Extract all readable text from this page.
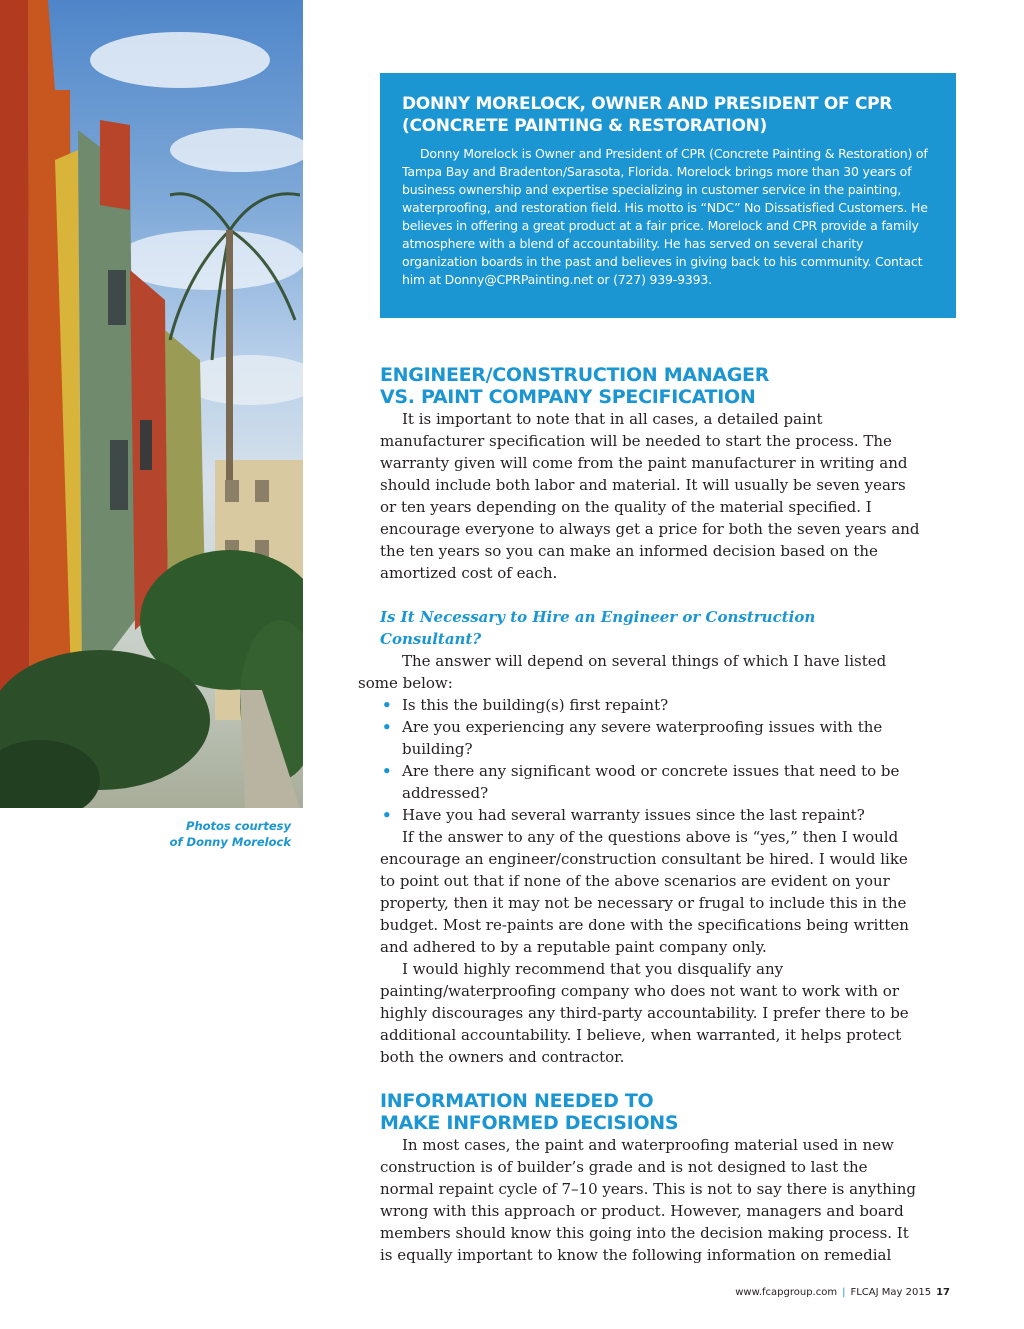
Photos courtesy
of Donny Morelock
DONNY MORELOCK, OWNER AND PRESIDENT OF CPR (CONCRETE PAINTING & RESTORATION)

Donny Morelock is Owner and President of CPR (Concrete Painting & Restoration) of Tampa Bay and Bradenton/Sarasota, Florida. Morelock brings more than 30 years of business ownership and expertise specializing in customer service in the painting, waterproofing, and restoration field. His motto is “NDC” No Dissatisfied Customers. He believes in offering a great product at a fair price. Morelock and CPR provide a family atmosphere with a blend of accountability. He has served on several charity organization boards in the past and believes in giving back to his community. Contact him at Donny@CPRPainting.net or (727) 939-9393.

ENGINEER/CONSTRUCTION MANAGER
VS. PAINT COMPANY SPECIFICATION

It is important to note that in all cases, a detailed paint manufacturer specification will be needed to start the process. The warranty given will come from the paint manufacturer in writing and should include both labor and material. It will usually be seven years or ten years depending on the quality of the material specified. I encourage everyone to always get a price for both the seven years and the ten years so you can make an informed decision based on the amortized cost of each.

Is It Necessary to Hire an Engineer or Construction Consultant?

The answer will depend on several things of which I have listed
some below:

• Is this the building(s) first repaint?
• Are you experiencing any severe waterproofing issues with the building?
• Are there any significant wood or concrete issues that need to be addressed?
• Have you had several warranty issues since the last repaint?

If the answer to any of the questions above is “yes,” then I would encourage an engineer/construction consultant be hired. I would like to point out that if none of the above scenarios are evident on your property, then it may not be necessary or frugal to include this in the budget. Most re-paints are done with the specifications being written and adhered to by a reputable paint company only.

I would highly recommend that you disqualify any painting/waterproofing company who does not want to work with or highly discourages any third-party accountability. I prefer there to be additional accountability. I believe, when warranted, it helps protect both the owners and contractor.

INFORMATION NEEDED TO
MAKE INFORMED DECISIONS

In most cases, the paint and waterproofing material used in new construction is of builder’s grade and is not designed to last the normal repaint cycle of 7–10 years. This is not to say there is anything wrong with this approach or product. However, managers and board members should know this going into the decision making process. It is equally important to know the following information on remedial

www.fcapgroup.com | FLCAJ May 2015 17
